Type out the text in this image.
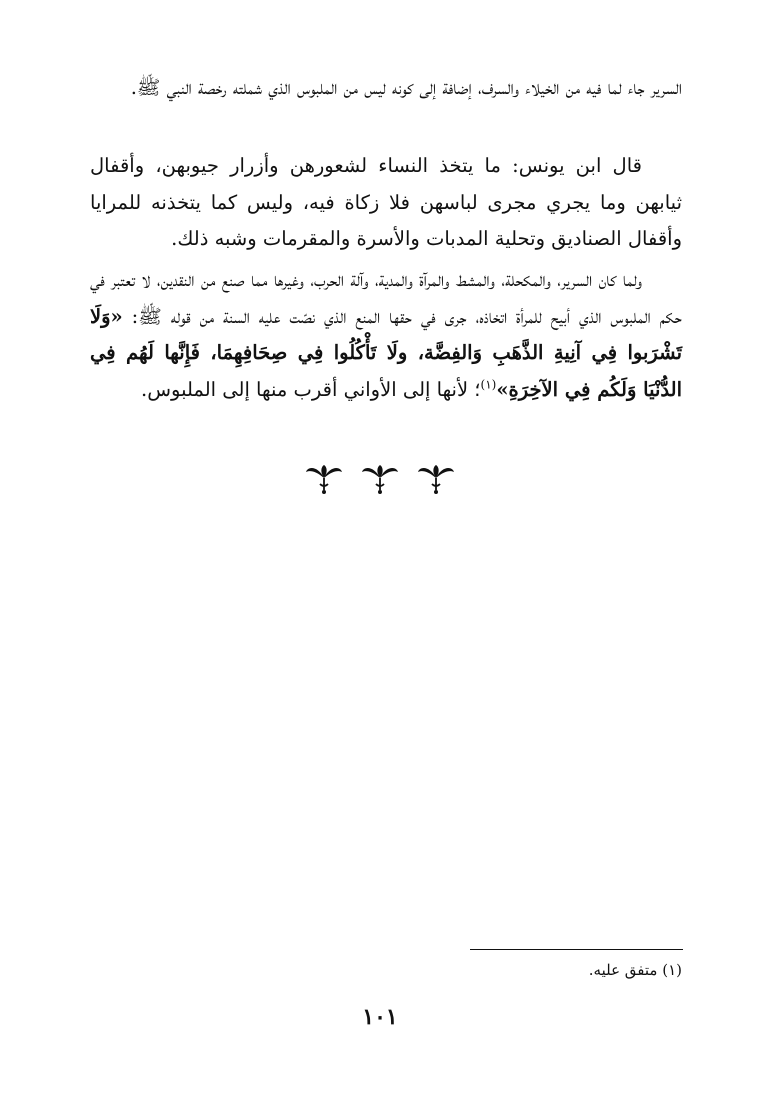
السرير جاء لما فيه من الخيلاء والسرف، إضافة إلى كونه ليس من الملبوس الذي شملته رخصة النبي ﷺ.

قال ابن يونس: ما يتخذ النساء لشعورهن وأزرار جيوبهن، وأقفال ثيابهن وما يجري مجرى لباسهن فلا زكاة فيه، وليس كما يتخذنه للمرايا وأقفال الصناديق وتحلية المدبات والأسرة والمقرمات وشبه ذلك.

ولما كان السرير، والمكحلة، والمشط والمرآة والمدية، وآلة الحرب، وغيرها مما صنع من النقدين، لا تعتبر في حكم الملبوس الذي أبيح للمرأة اتخاذه، جرى في حقها المنع الذي نصّت عليه السنة من قوله ﷺ: «وَلَا تَشْرَبوا فِي آنِيةِ الذَّهَبِ وَالفِضَّة، ولَا تَأْكُلُوا فِي صِحَافِهِمَا، فَإِنَّها لَهُم فِي الدُّنْيَا وَلَكُم فِي الآخِرَةِ»$^{(١)}$؛ لأنها إلى الأواني أقرب منها إلى الملبوس.

(١) متفق عليه.
١٠١
